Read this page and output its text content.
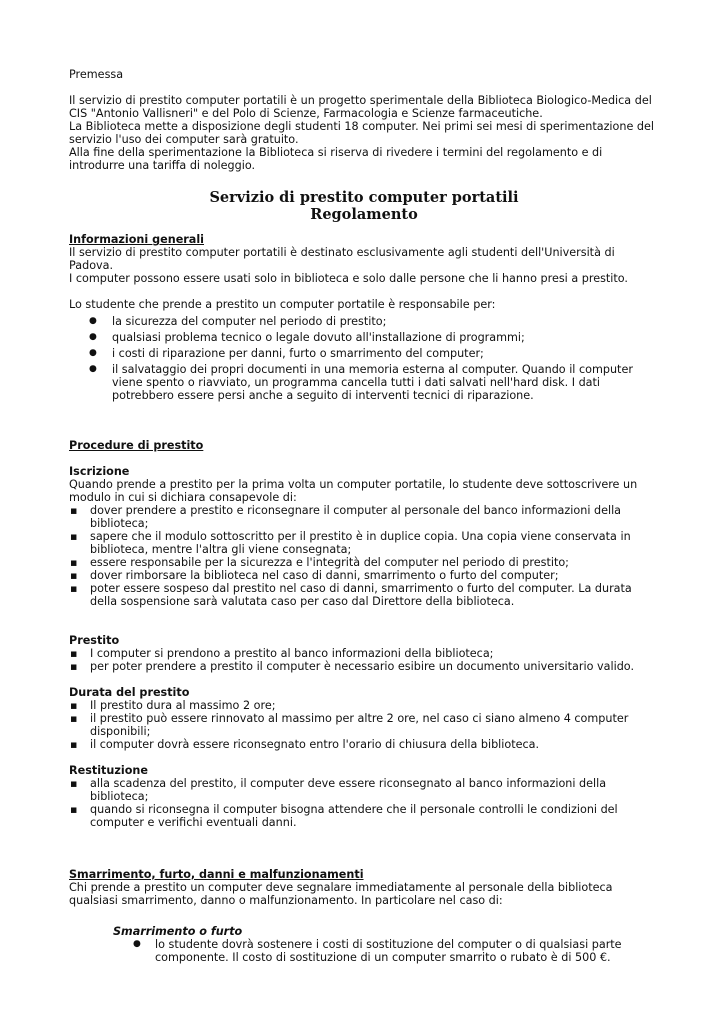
Premessa

Il servizio di prestito computer portatili è un progetto sperimentale della Biblioteca Biologico-Medica del CIS "Antonio Vallisneri" e del Polo di Scienze, Farmacologia e Scienze farmaceutiche.

La Biblioteca mette a disposizione degli studenti 18 computer. Nei primi sei mesi di sperimentazione del servizio l'uso dei computer sarà gratuito.

Alla fine della sperimentazione la Biblioteca si riserva di rivedere i termini del regolamento e di introdurre una tariffa di noleggio.

Servizio di prestito computer portatili

Regolamento

Informazioni generali

Il servizio di prestito computer portatili è destinato esclusivamente agli studenti dell'Università di Padova.

I computer possono essere usati solo in biblioteca e solo dalle persone che li hanno presi a prestito.

Lo studente che prende a prestito un computer portatile è responsabile per:

● la sicurezza del computer nel periodo di prestito;
● qualsiasi problema tecnico o legale dovuto all'installazione di programmi;
● i costi di riparazione per danni, furto o smarrimento del computer;
● il salvataggio dei propri documenti in una memoria esterna al computer. Quando il computer viene spento o riavviato, un programma cancella tutti i dati salvati nell'hard disk. I dati potrebbero essere persi anche a seguito di interventi tecnici di riparazione.

Procedure di prestito

Iscrizione

Quando prende a prestito per la prima volta un computer portatile, lo studente deve sottoscrivere un modulo in cui si dichiara consapevole di:

▪ dover prendere a prestito e riconsegnare il computer al personale del banco informazioni della biblioteca;
▪ sapere che il modulo sottoscritto per il prestito è in duplice copia. Una copia viene conservata in biblioteca, mentre l'altra gli viene consegnata;
▪ essere responsabile per la sicurezza e l'integrità del computer nel periodo di prestito;
▪ dover rimborsare la biblioteca nel caso di danni, smarrimento o furto del computer;
▪ poter essere sospeso dal prestito nel caso di danni, smarrimento o furto del computer. La durata della sospensione sarà valutata caso per caso dal Direttore della biblioteca.

Prestito

▪ I computer si prendono a prestito al banco informazioni della biblioteca;
▪ per poter prendere a prestito il computer è necessario esibire un documento universitario valido.

Durata del prestito

▪ Il prestito dura al massimo 2 ore;
▪ il prestito può essere rinnovato al massimo per altre 2 ore, nel caso ci siano almeno 4 computer disponibili;
▪ il computer dovrà essere riconsegnato entro l'orario di chiusura della biblioteca.

Restituzione

▪ alla scadenza del prestito, il computer deve essere riconsegnato al banco informazioni della biblioteca;
▪ quando si riconsegna il computer bisogna attendere che il personale controlli le condizioni del computer e verifichi eventuali danni.

Smarrimento, furto, danni e malfunzionamenti

Chi prende a prestito un computer deve segnalare immediatamente al personale della biblioteca qualsiasi smarrimento, danno o malfunzionamento. In particolare nel caso di:

Smarrimento o furto

● lo studente dovrà sostenere i costi di sostituzione del computer o di qualsiasi parte componente. Il costo di sostituzione di un computer smarrito o rubato è di 500 €.
